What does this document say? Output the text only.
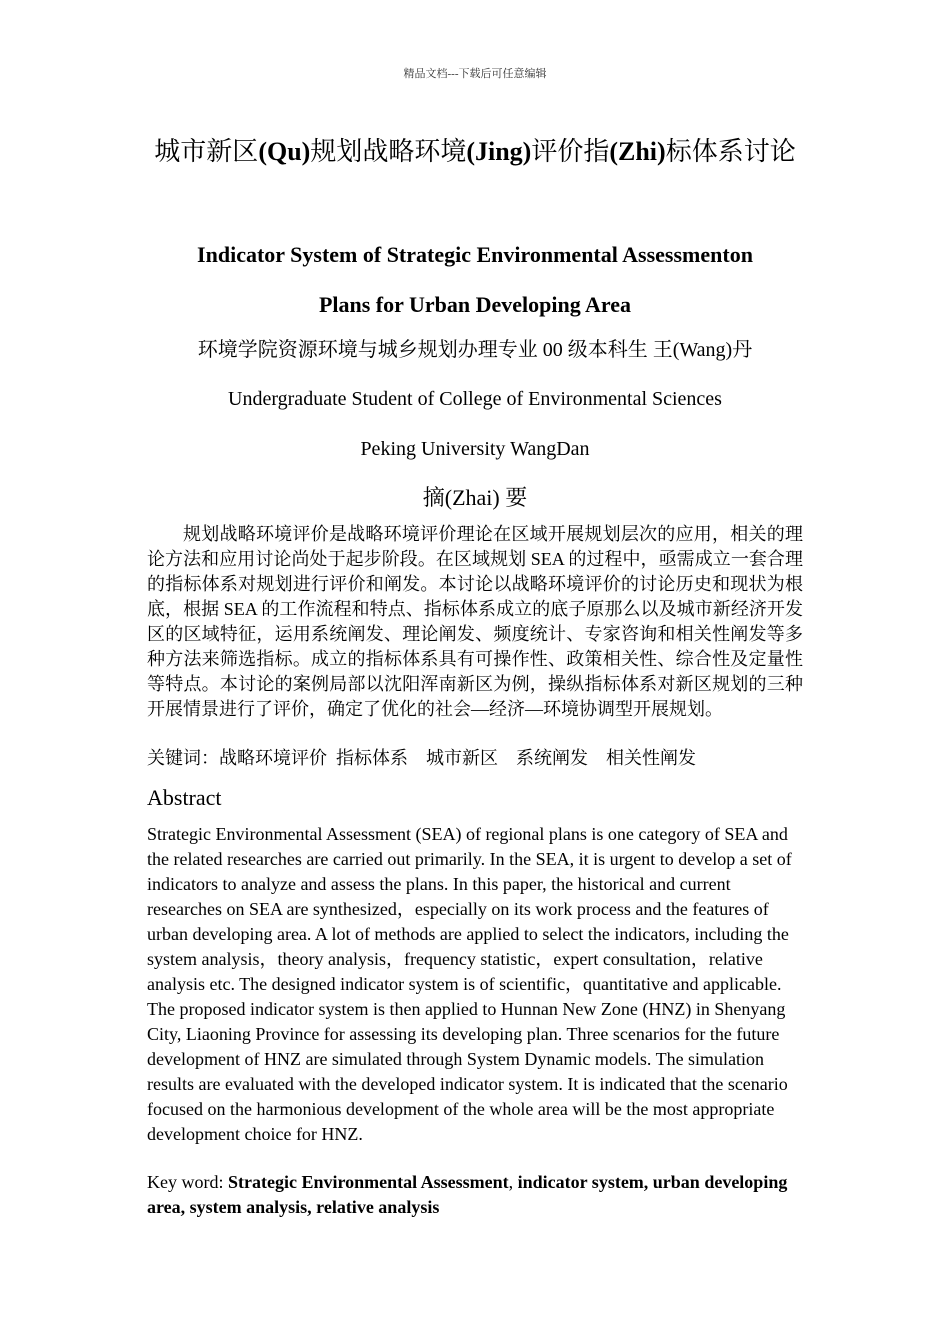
精品文档---下载后可任意编辑
城市新区(Qu)规划战略环境(Jing)评价指(Zhi)标体系讨论
Indicator System of Strategic Environmental Assessmenton
Plans for Urban Developing Area
环境学院资源环境与城乡规划办理专业 00 级本科生 王(Wang)丹
Undergraduate Student of College of Environmental Sciences
Peking University WangDan
摘(Zhai) 要
规划战略环境评价是战略环境评价理论在区域开展规划层次的应用，相关的理论方法和应用讨论尚处于起步阶段。在区域规划 SEA 的过程中，亟需成立一套合理的指标体系对规划进行评价和阐发。本讨论以战略环境评价的讨论历史和现状为根底，根据 SEA 的工作流程和特点、指标体系成立的底子原那么以及城市新经济开发区的区域特征，运用系统阐发、理论阐发、频度统计、专家咨询和相关性阐发等多种方法来筛选指标。成立的指标体系具有可操作性、政策相关性、综合性及定量性等特点。本讨论的案例局部以沈阳浑南新区为例，操纵指标体系对新区规划的三种开展情景进行了评价，确定了优化的社会—经济—环境协调型开展规划。
关键词：战略环境评价  指标体系    城市新区    系统阐发    相关性阐发
Abstract
Strategic Environmental Assessment (SEA) of regional plans is one category of SEA and the related researches are carried out primarily. In the SEA, it is urgent to develop a set of indicators to analyze and assess the plans. In this paper, the historical and current researches on SEA are synthesized，especially on its work process and the features of urban developing area. A lot of methods are applied to select the indicators, including the system analysis，theory analysis，frequency statistic，expert consultation，relative analysis etc. The designed indicator system is of scientific，quantitative and applicable. The proposed indicator system is then applied to Hunnan New Zone (HNZ) in Shenyang City, Liaoning Province for assessing its developing plan. Three scenarios for the future development of HNZ are simulated through System Dynamic models. The simulation results are evaluated with the developed indicator system. It is indicated that the scenario focused on the harmonious development of the whole area will be the most appropriate development choice for HNZ.
Key word: Strategic Environmental Assessment, indicator system, urban developing area, system analysis, relative analysis
